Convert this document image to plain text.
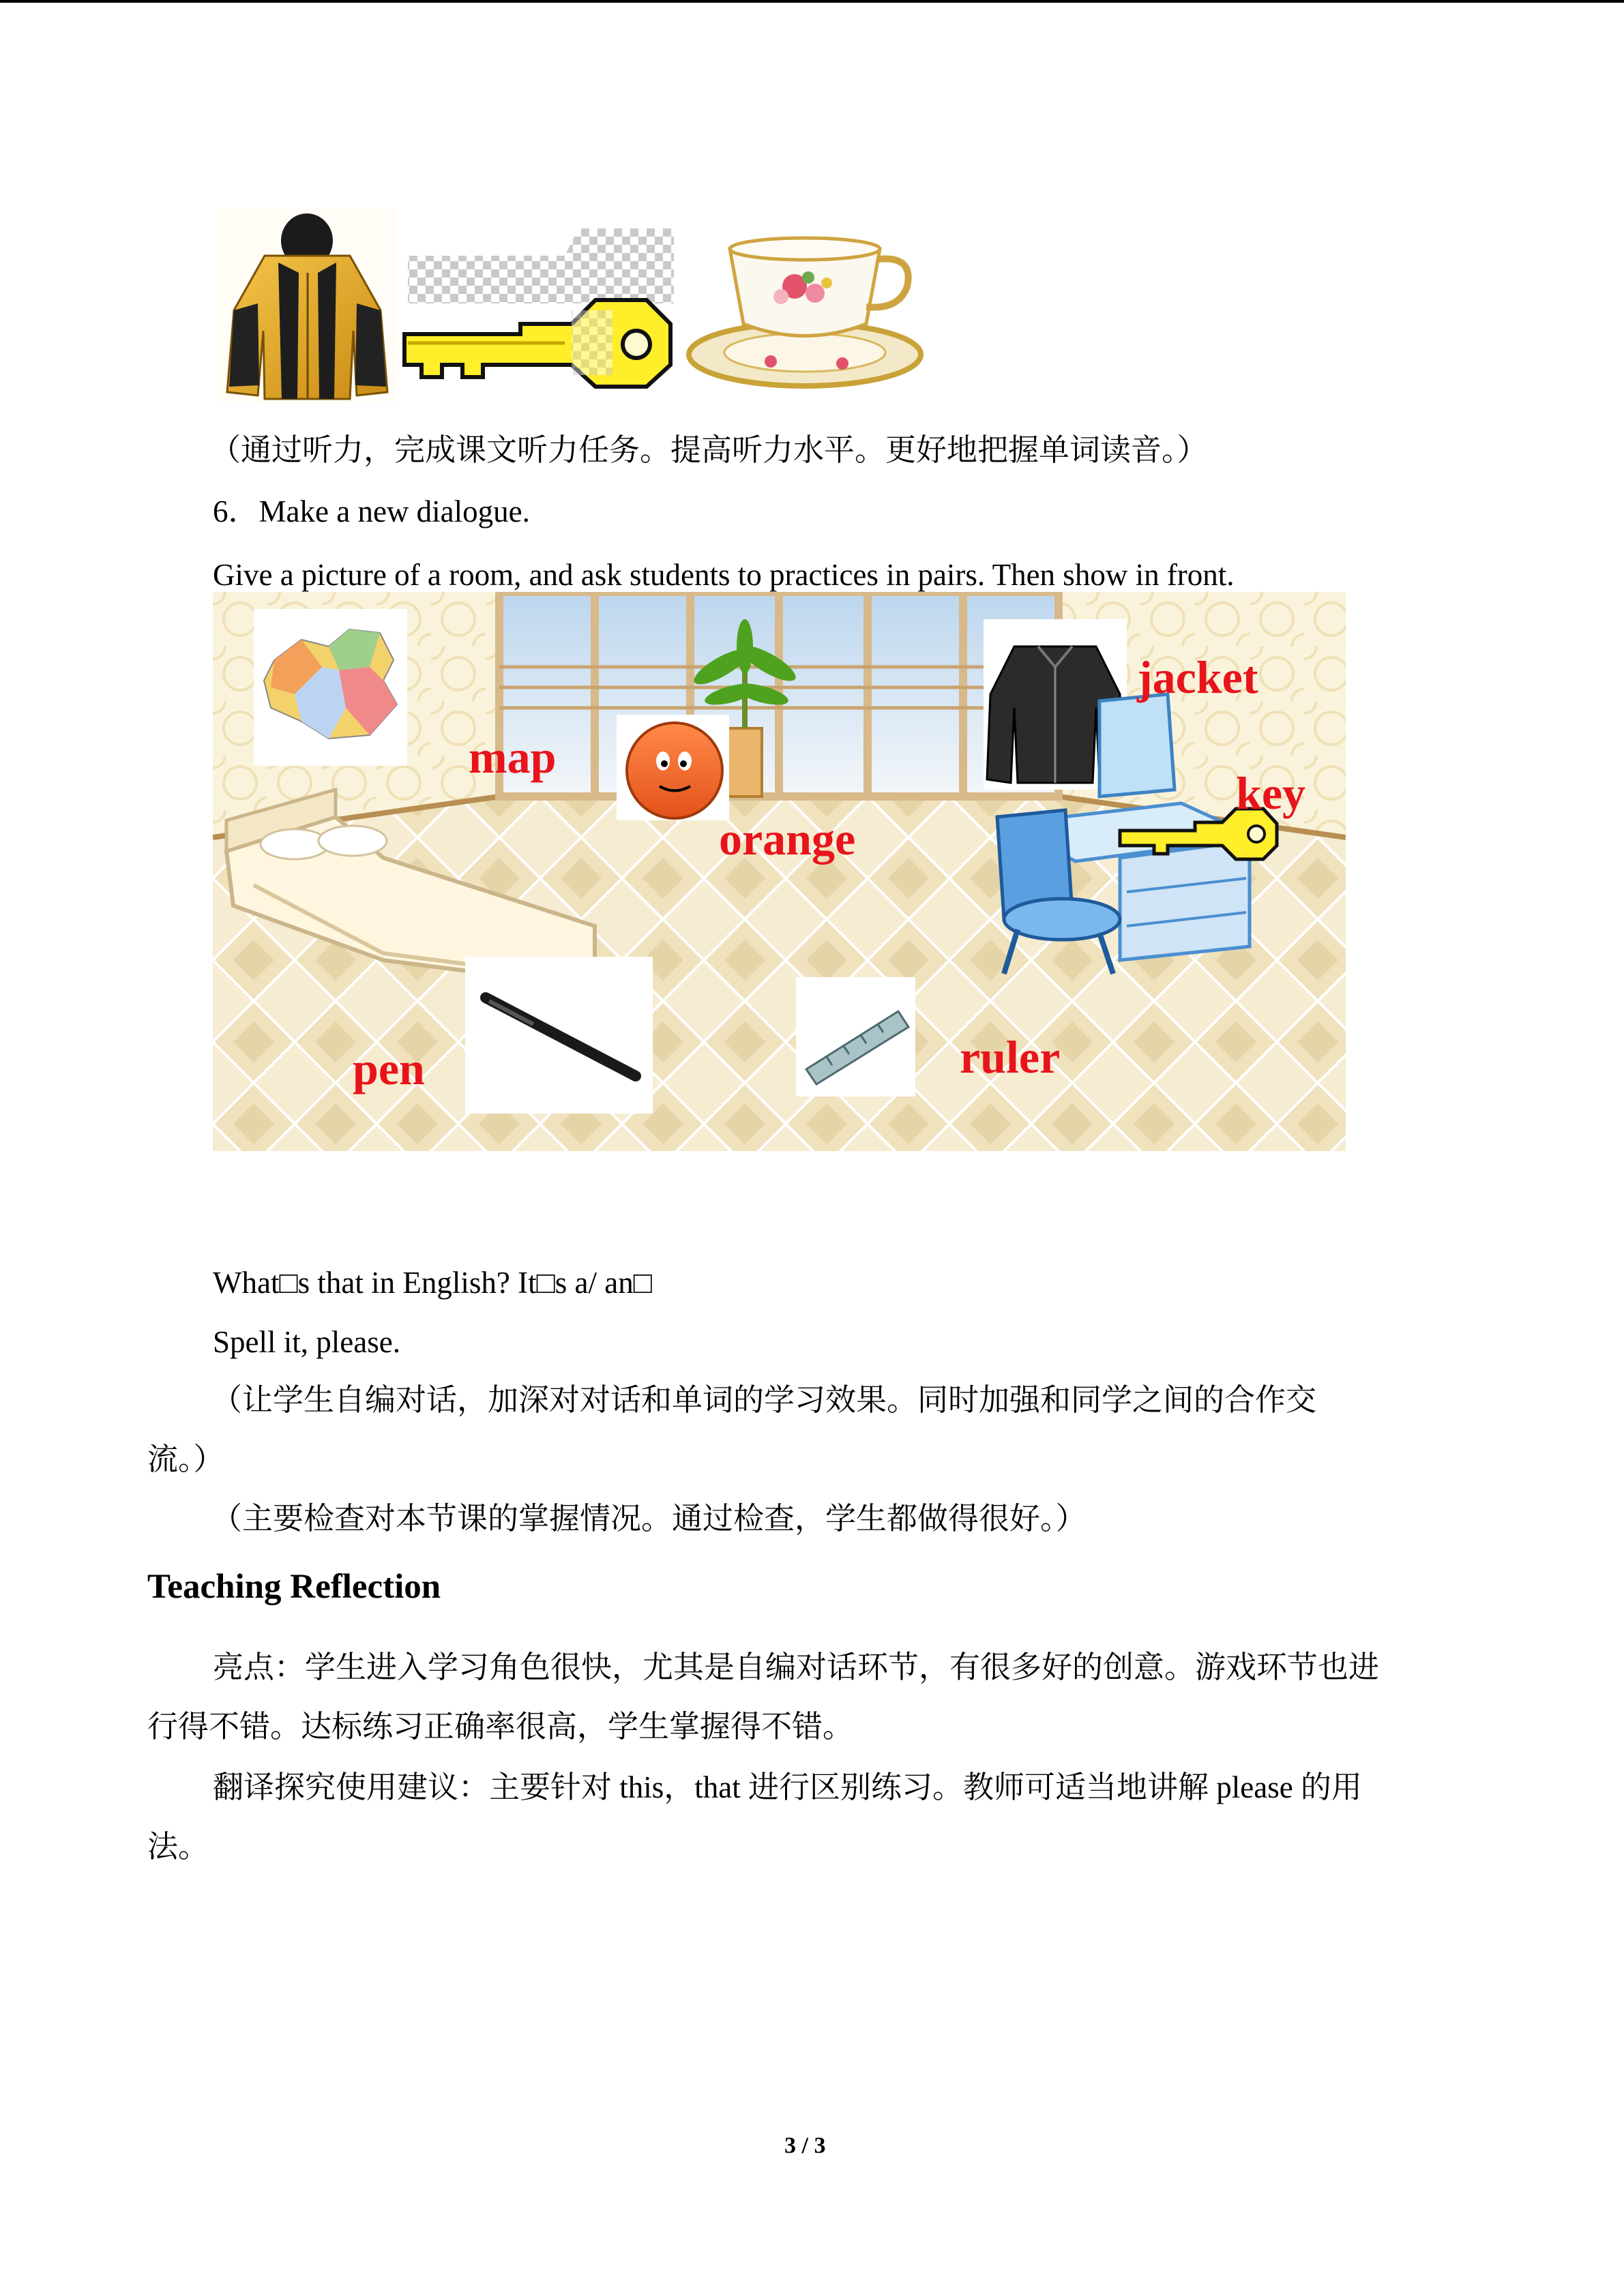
（通过听力，完成课文听力任务。提高听力水平。更好地把握单词读音。）
6．Make a new dialogue.
Give a picture of a room, and ask students to practices in pairs. Then show in front.
jacket
map
key
orange
pen	ruler
What□s that in English? It□s a/ an□
Spell it, please.
（让学生自编对话，加深对对话和单词的学习效果。同时加强和同学之间的合作交
流。）
（主要检查对本节课的掌握情况。通过检查，学生都做得很好。）
Teaching Reflection
亮点：学生进入学习角色很快，尤其是自编对话环节，有很多好的创意。游戏环节也进
行得不错。达标练习正确率很高，学生掌握得不错。
翻译探究使用建议：主要针对 this，that 进行区别练习。教师可适当地讲解 please 的用
法。
3 / 3
